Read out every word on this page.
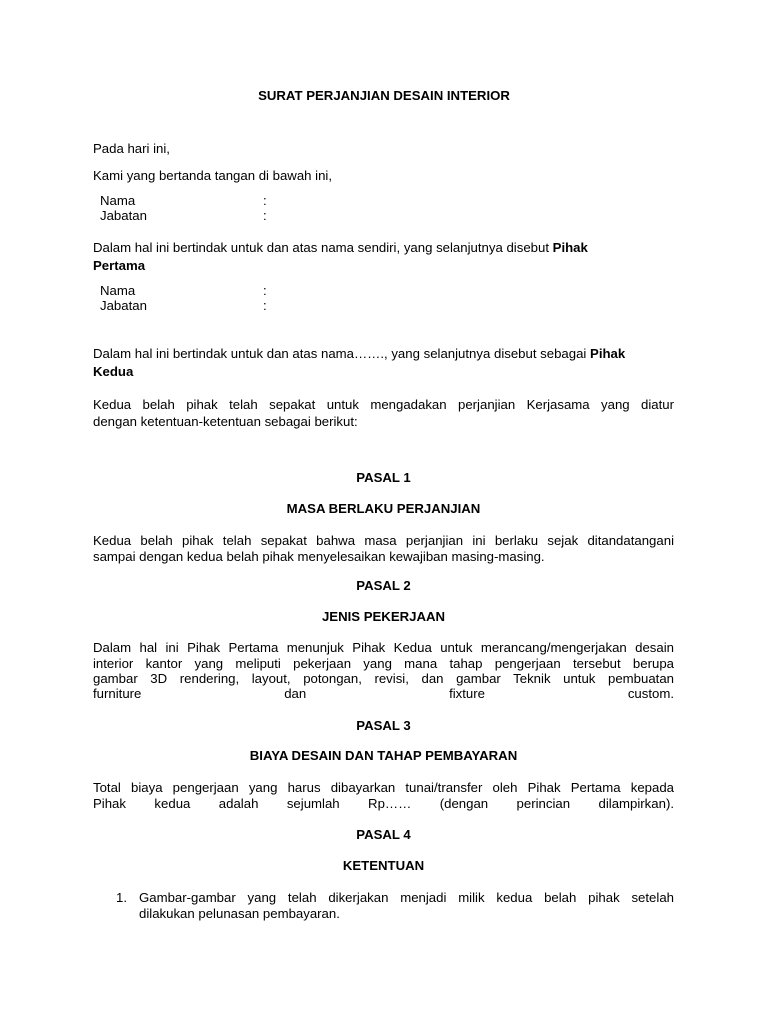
SURAT PERJANJIAN DESAIN INTERIOR
Pada hari ini,
Kami yang bertanda tangan di bawah ini,
Nama	:
Jabatan	:
Dalam hal ini bertindak untuk dan atas nama sendiri, yang selanjutnya disebut Pihak
Pertama
Nama	:
Jabatan	:
Dalam hal ini bertindak untuk dan atas nama……., yang selanjutnya disebut sebagai Pihak
Kedua
Kedua belah pihak telah sepakat untuk mengadakan perjanjian Kerjasama yang diatur
dengan ketentuan-ketentuan sebagai berikut:
PASAL 1
MASA BERLAKU PERJANJIAN
Kedua belah pihak telah sepakat bahwa masa perjanjian ini berlaku sejak ditandatangani
sampai dengan kedua belah pihak menyelesaikan kewajiban masing-masing.
PASAL 2
JENIS PEKERJAAN
Dalam hal ini Pihak Pertama menunjuk Pihak Kedua untuk merancang/mengerjakan desain
interior kantor yang meliputi pekerjaan yang mana tahap pengerjaan tersebut berupa
gambar 3D rendering, layout, potongan, revisi, dan gambar Teknik untuk pembuatan
furniture dan fixture custom.
PASAL 3
BIAYA DESAIN DAN TAHAP PEMBAYARAN
Total biaya pengerjaan yang harus dibayarkan tunai/transfer oleh Pihak Pertama kepada
Pihak kedua adalah sejumlah Rp…… (dengan perincian dilampirkan).
PASAL 4
KETENTUAN
1. Gambar-gambar yang telah dikerjakan menjadi milik kedua belah pihak setelah
dilakukan pelunasan pembayaran.
